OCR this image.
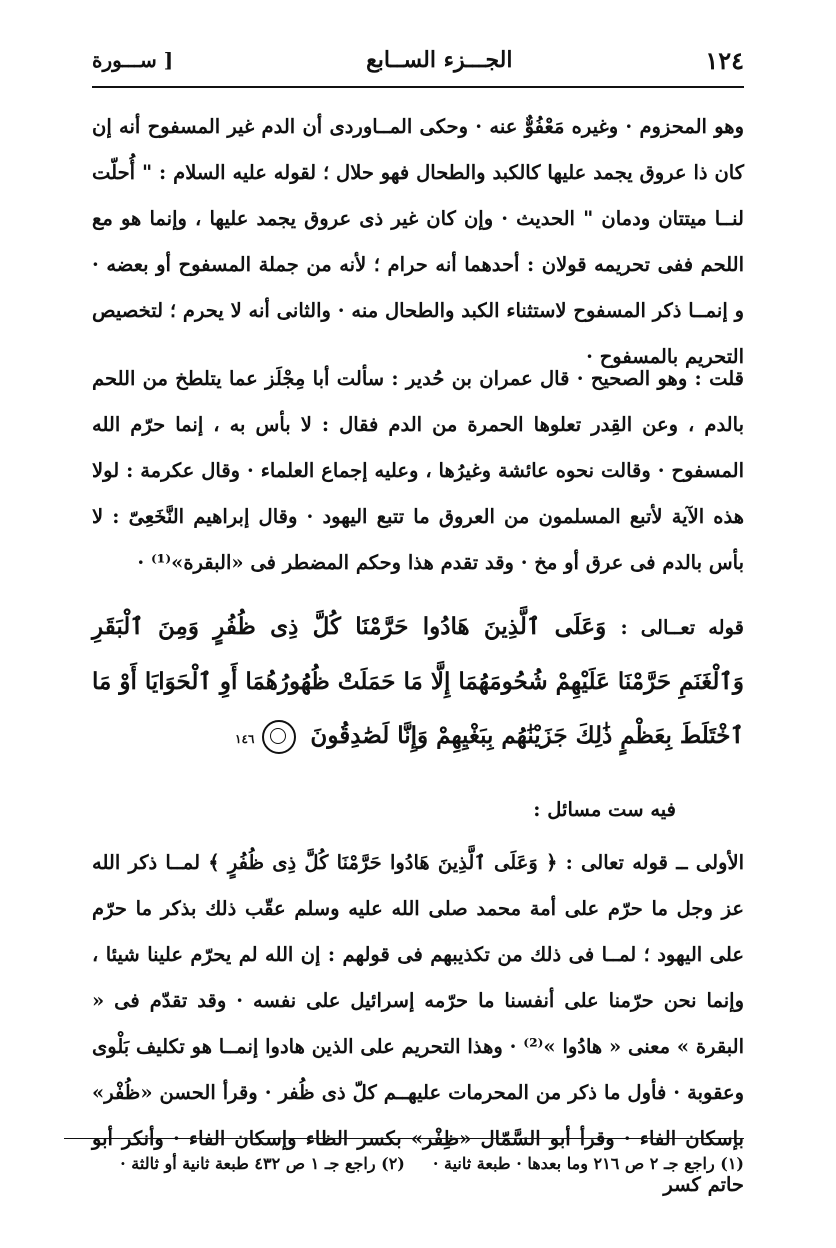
١٢٤
الجـــزء الســابع
[ ســـورة

وهو المحزوم · وغيره مَعْفُوٌّ عنه · وحكى المــاوردى أن الدم غير المسفوح أنه إن كان ذا عروق يجمد عليها كالكبد والطحال فهو حلال ؛ لقوله عليه السلام : " أُحلّت لنــا ميتتان ودمان " الحديث · وإن كان غير ذى عروق يجمد عليها ، وإنما هو مع اللحم ففى تحريمه قولان : أحدهما أنه حرام ؛ لأنه من جملة المسفوح أو بعضه · و إنمــا ذكر المسفوح لاستثناء الكبد والطحال منه · والثانى أنه لا يحرم ؛ لتخصيص التحريم بالمسفوح ·

قلت : وهو الصحيح · قال عمران بن حُدير : سألت أبا مِجْلَز عما يتلطخ من اللحم بالدم ، وعن القِدر تعلوها الحمرة من الدم فقال : لا بأس به ، إنما حرّم الله المسفوح · وقالت نحوه عائشة وغيرُها ، وعليه إجماع العلماء · وقال عكرمة : لولا هذه الآية لأتبع المسلمون من العروق ما تتبع اليهود · وقال إبراهيم النَّخَعِىّ : لا بأس بالدم فى عرق أو مخ · وقد تقدم هذا وحكم المضطر فى «البقرة»⁽¹⁾ ·

قوله تعــالى : وَعَلَى ٱلَّذِينَ هَادُوا حَرَّمْنَا كُلَّ ذِى ظُفُرٍ وَمِنَ ٱلْبَقَرِ وَٱلْغَنَمِ حَرَّمْنَا عَلَيْهِمْ شُحُومَهُمَا إِلَّا مَا حَمَلَتْ ظُهُورُهُمَا أَوِ ٱلْحَوَايَا أَوْ مَا ٱخْتَلَطَ بِعَظْمٍ ذَٰلِكَ جَزَيْنَٰهُم بِبَغْيِهِمْ وَإِنَّا لَصَٰدِقُونَ  ١٤٦
فيه ست مسائل :

الأولى ــ قوله تعالى : ﴿ وَعَلَى ٱلَّذِينَ هَادُوا حَرَّمْنَا كُلَّ ذِى ظُفُرٍ ﴾ لمــا ذكر الله عز وجل ما حرّم على أمة محمد صلى الله عليه وسلم عقّب ذلك بذكر ما حرّم على اليهود ؛ لمــا فى ذلك من تكذيبهم فى قولهم : إن الله لم يحرّم علينا شيئا ، وإنما نحن حرّمنا على أنفسنا ما حرّمه إسرائيل على نفسه · وقد تقدّم فى « البقرة » معنى « هادُوا »⁽²⁾ · وهذا التحريم على الذين هادوا إنمــا هو تكليف بَلْوى وعقوبة · فأول ما ذكر من المحرمات عليهــم كلّ ذى ظُفر · وقرأ الحسن «ظُفْر» بإسكان الفاء · وقرأ أبو السَّمّال «ظِفْر» بكسر الظاء وإسكان الفاء · وأنكر أبو حاتم كسر

(١) راجع جـ ٢ ص ٢١٦ وما بعدها · طبعة ثانية ·
(٢) راجع جـ ١ ص ٤٣٢ طبعة ثانية أو ثالثة ·
